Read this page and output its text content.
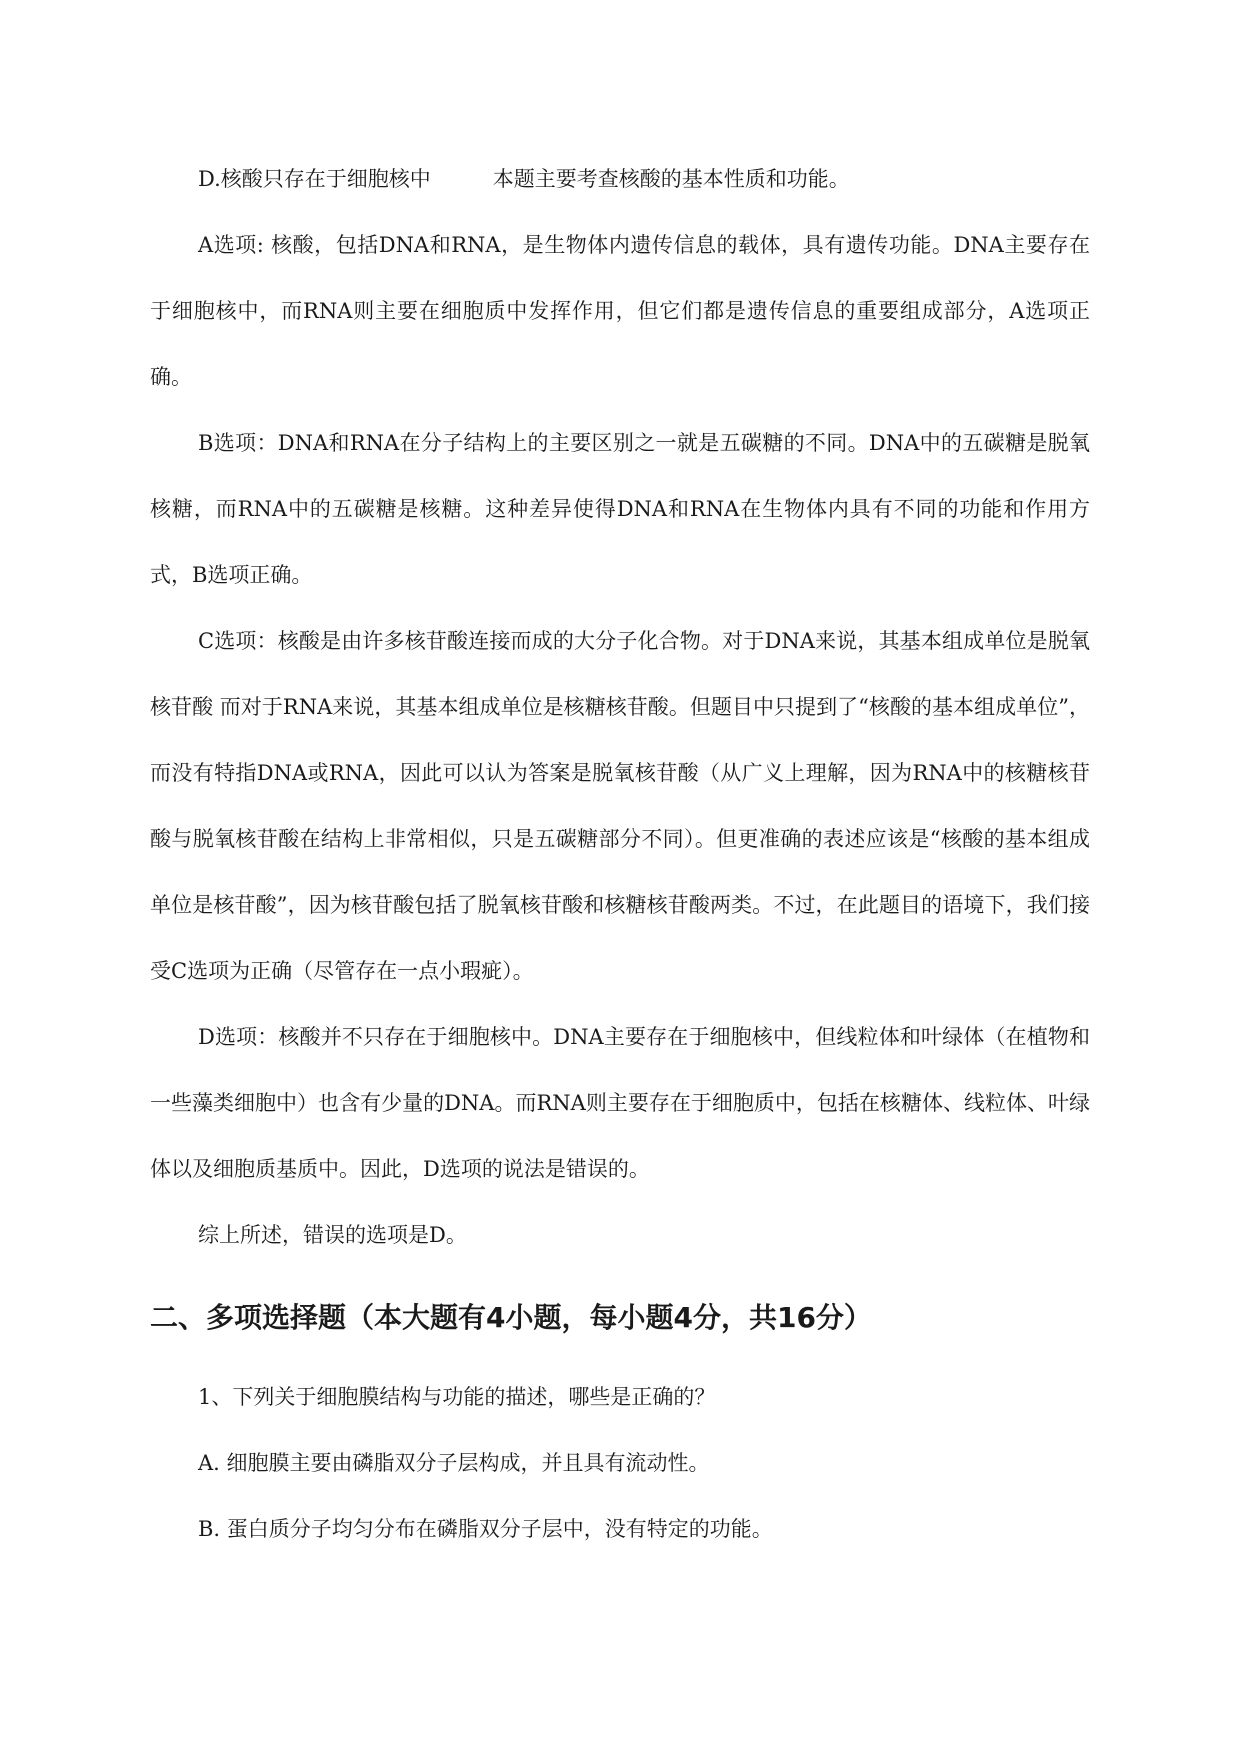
D.核酸只存在于细胞核中	本题主要考查核酸的基本性质和功能。

A选项: 核酸，包括DNA和RNA，是生物体内遗传信息的载体，具有遗传功能。DNA主要存在于细胞核中，而RNA则主要在细胞质中发挥作用，但它们都是遗传信息的重要组成部分，A选项正确。

B选项：DNA和RNA在分子结构上的主要区别之一就是五碳糖的不同。DNA中的五碳糖是脱氧核糖，而RNA中的五碳糖是核糖。这种差异使得DNA和RNA在生物体内具有不同的功能和作用方式，B选项正确。

C选项：核酸是由许多核苷酸连接而成的大分子化合物。对于DNA来说，其基本组成单位是脱氧核苷酸 而对于RNA来说，其基本组成单位是核糖核苷酸。但题目中只提到了“核酸的基本组成单位”，而没有特指DNA或RNA，因此可以认为答案是脱氧核苷酸（从广义上理解，因为RNA中的核糖核苷酸与脱氧核苷酸在结构上非常相似，只是五碳糖部分不同）。但更准确的表述应该是“核酸的基本组成单位是核苷酸”，因为核苷酸包括了脱氧核苷酸和核糖核苷酸两类。不过，在此题目的语境下，我们接受C选项为正确（尽管存在一点小瑕疵）。

D选项：核酸并不只存在于细胞核中。DNA主要存在于细胞核中，但线粒体和叶绿体（在植物和一些藻类细胞中）也含有少量的DNA。而RNA则主要存在于细胞质中，包括在核糖体、线粒体、叶绿体以及细胞质基质中。因此，D选项的说法是错误的。

综上所述，错误的选项是D。

二、多项选择题（本大题有4小题，每小题4分，共16分）

1、下列关于细胞膜结构与功能的描述，哪些是正确的？

A. 细胞膜主要由磷脂双分子层构成，并且具有流动性。

B. 蛋白质分子均匀分布在磷脂双分子层中，没有特定的功能。
